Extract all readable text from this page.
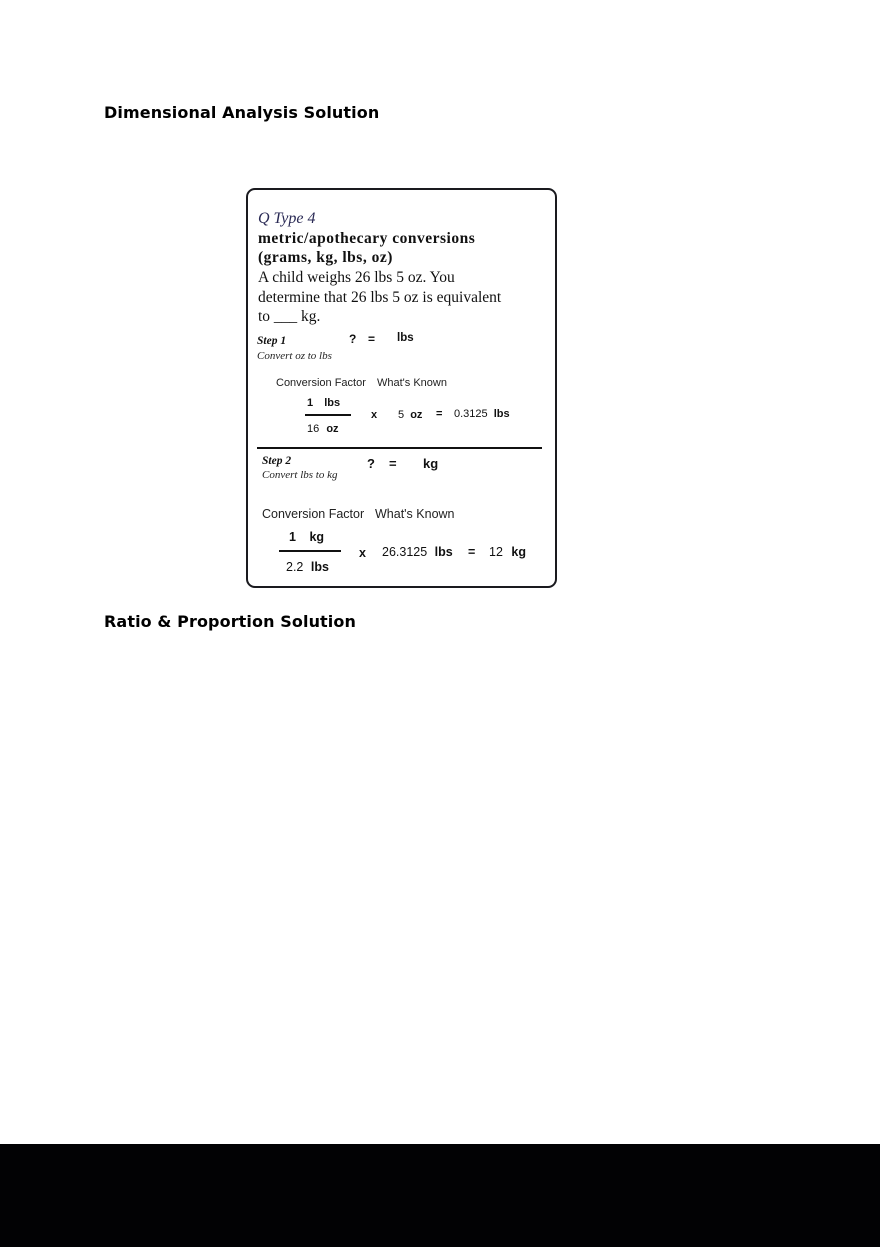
Dimensional Analysis Solution
Q Type 4
metric/apothecary conversions
(grams, kg, lbs, oz)
A child weighs 26 lbs 5 oz. You
determine that 26 lbs 5 oz is equivalent
to ___ kg.
Step 1
Convert oz to lbs
? = lbs
Conversion Factor What's Known
1 lbs
16 oz
x 5 oz = 0.3125 lbs
Step 2
Convert lbs to kg
? = kg
Conversion Factor What's Known
1 kg
2.2 lbs
x 26.3125 lbs = 12 kg
Ratio & Proportion Solution
